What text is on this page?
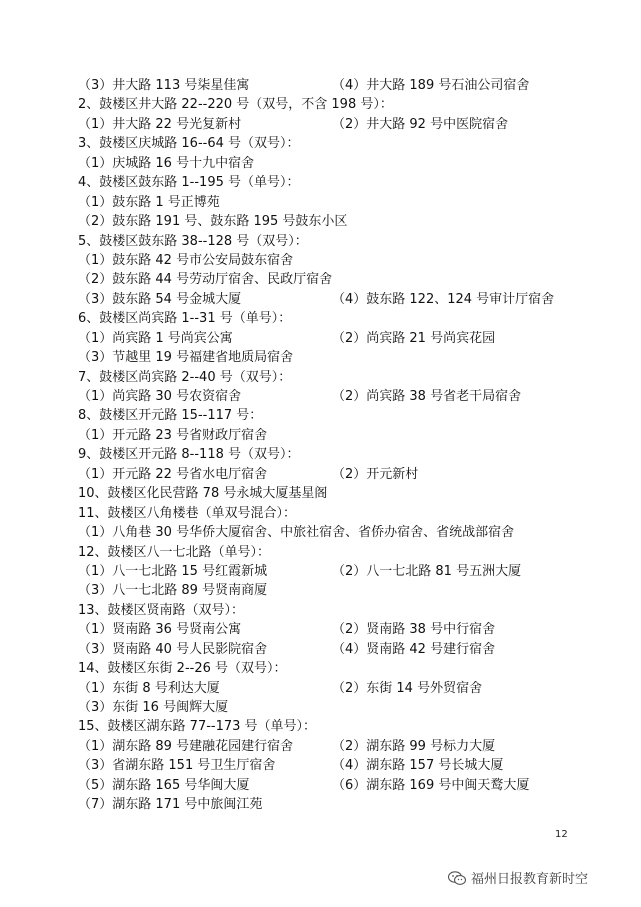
（3）井大路 113 号柒星佳寓	（4）井大路 189 号石油公司宿舍
2、鼓楼区井大路 22--220 号（双号，不含 198 号）：
（1）井大路 22 号光复新村	（2）井大路 92 号中医院宿舍
3、鼓楼区庆城路 16--64 号（双号）：
（1）庆城路 16 号十九中宿舍
4、鼓楼区鼓东路 1--195 号（单号）：
（1）鼓东路 1 号正博苑
（2）鼓东路 191 号、鼓东路 195 号鼓东小区
5、鼓楼区鼓东路 38--128 号（双号）：
（1）鼓东路 42 号市公安局鼓东宿舍
（2）鼓东路 44 号劳动厅宿舍、民政厅宿舍
（3）鼓东路 54 号金城大厦	（4）鼓东路 122、124 号审计厅宿舍
6、鼓楼区尚宾路 1--31 号（单号）：
（1）尚宾路 1 号尚宾公寓	（2）尚宾路 21 号尚宾花园
（3）节越里 19 号福建省地质局宿舍
7、鼓楼区尚宾路 2--40 号（双号）：
（1）尚宾路 30 号农资宿舍	（2）尚宾路 38 号省老干局宿舍
8、鼓楼区开元路 15--117 号：
（1）开元路 23 号省财政厅宿舍
9、鼓楼区开元路 8--118 号（双号）：
（1）开元路 22 号省水电厅宿舍	（2）开元新村
10、鼓楼区化民营路 78 号永城大厦基星阁
11、鼓楼区八角楼巷（单双号混合）：
（1）八角巷 30 号华侨大厦宿舍、中旅社宿舍、省侨办宿舍、省统战部宿舍
12、鼓楼区八一七北路（单号）：
（1）八一七北路 15 号红霞新城	（2）八一七北路 81 号五洲大厦
（3）八一七北路 89 号贤南商厦
13、鼓楼区贤南路（双号）：
（1）贤南路 36 号贤南公寓	（2）贤南路 38 号中行宿舍
（3）贤南路 40 号人民影院宿舍	（4）贤南路 42 号建行宿舍
14、鼓楼区东街 2--26 号（双号）：
（1）东街 8 号利达大厦	（2）东街 14 号外贸宿舍
（3）东街 16 号闽辉大厦
15、鼓楼区湖东路 77--173 号（单号）：
（1）湖东路 89 号建融花园建行宿舍	（2）湖东路 99 号标力大厦
（3）省湖东路 151 号卫生厅宿舍	（4）湖东路 157 号长城大厦
（5）湖东路 165 号华闽大厦	（6）湖东路 169 号中闽天鹜大厦
（7）湖东路 171 号中旅闽江苑
12
福州日报教育新时空
